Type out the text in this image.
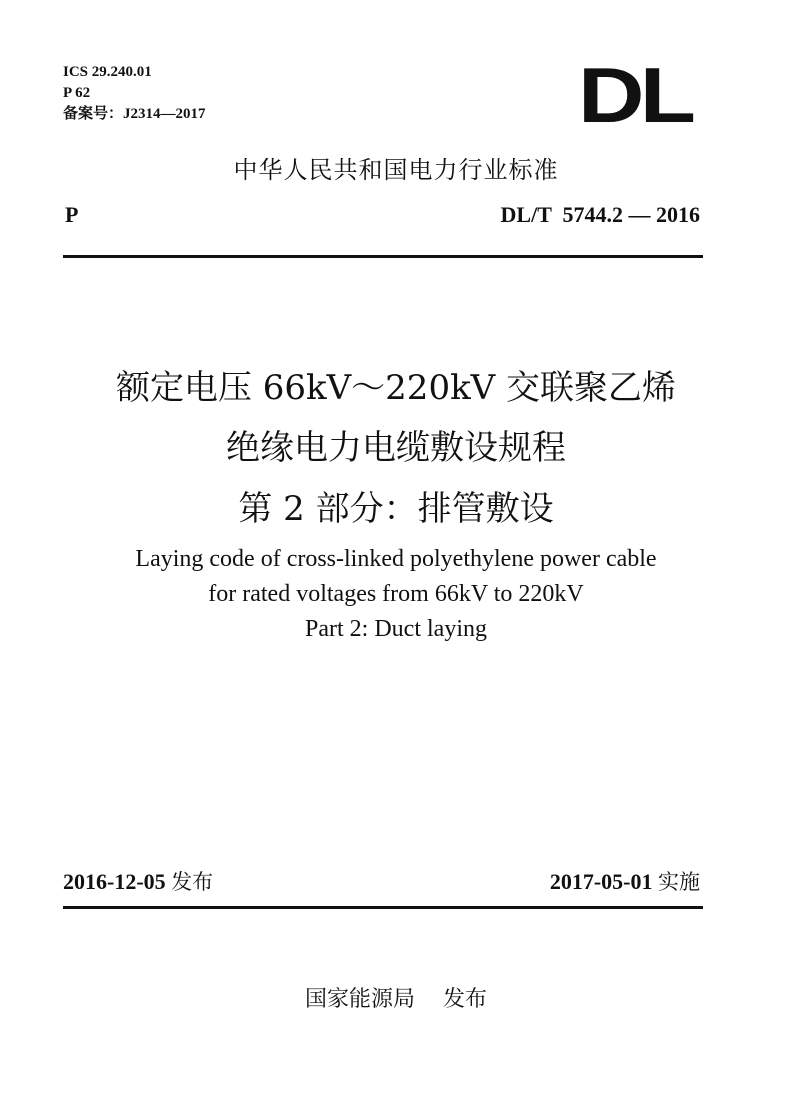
ICS 29.240.01
P 62
备案号：J2314—2017	DL
中华人民共和国电力行业标准
P	DL/T  5744.2 — 2016
额定电压 66kV～220kV 交联聚乙烯
绝缘电力电缆敷设规程
第 2 部分：排管敷设
Laying code of cross-linked polyethylene power cable
for rated voltages from 66kV to 220kV
Part 2: Duct laying
2016-12-05 发布	2017-05-01 实施
国家能源局 发布
